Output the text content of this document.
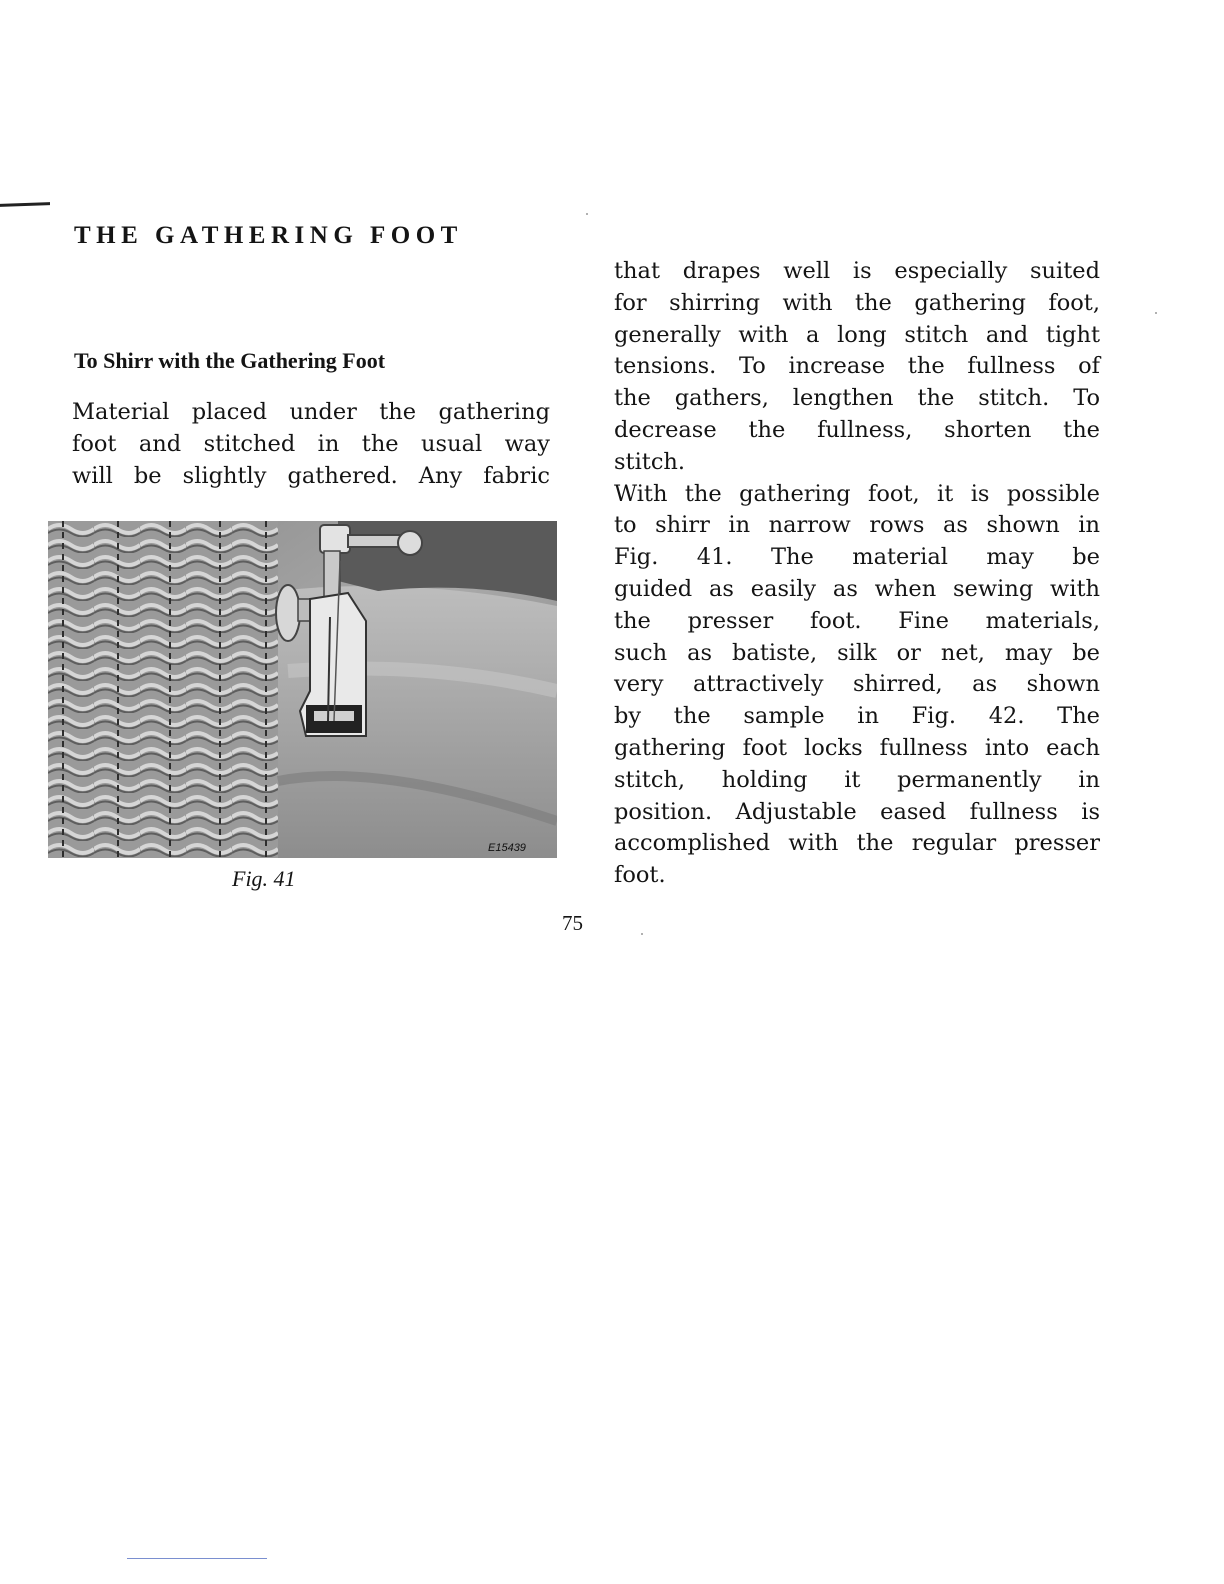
THE GATHERING FOOT
To Shirr with the Gathering Foot

Material placed under the gathering
foot and stitched in the usual way
will be slightly gathered. Any fabric

E15439

Fig. 41

that drapes well is especially suited
for shirring with the gathering foot,
generally with a long stitch and tight
tensions. To increase the fullness of
the gathers, lengthen the stitch. To
decrease the fullness, shorten the
stitch.

With the gathering foot, it is possible
to shirr in narrow rows as shown in
Fig. 41. The material may be
guided as easily as when sewing with
the presser foot. Fine materials,
such as batiste, silk or net, may be
very attractively shirred, as shown
by the sample in Fig. 42. The
gathering foot locks fullness into each
stitch, holding it permanently in
position. Adjustable eased fullness is
accomplished with the regular presser
foot.

75
